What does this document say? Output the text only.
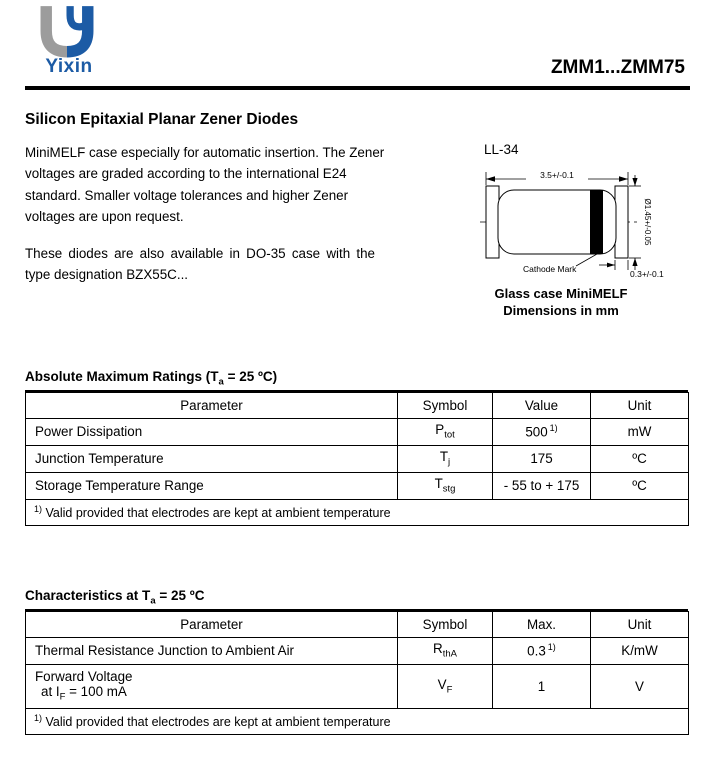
Yixin	ZMM1...ZMM75
Silicon Epitaxial Planar Zener Diodes
MiniMELF case especially for automatic insertion. The Zener voltages are graded according to the international E24 standard. Smaller voltage tolerances and higher Zener voltages are upon request.
These diodes are also available in DO-35 case with the type designation BZX55C...
LL-34
3.5+/-0.1
Ø1.45+/-0.05
0.3+/-0.1
Cathode Mark
Glass case MiniMELF
Dimensions in mm
Absolute Maximum Ratings ($T_a = 25$ ºC)
Parameter	Symbol	Value	Unit
Power Dissipation	$P_{tot}$	500 $^{1)}$	mW
Junction Temperature	$T_j$	175	ºC
Storage Temperature Range	$T_{stg}$	- 55 to + 175	ºC
$^{1)}$ Valid provided that electrodes are kept at ambient temperature			
Characteristics at $T_a = 25$ ºC
Parameter	Symbol	Max.	Unit
Thermal Resistance Junction to Ambient Air	$R_{thA}$	0.3 $^{1)}$	K/mW

Forward Voltage
at $I_F = 100$ mA	$V_F$	1	V
$^{1)}$ Valid provided that electrodes are kept at ambient temperature			
